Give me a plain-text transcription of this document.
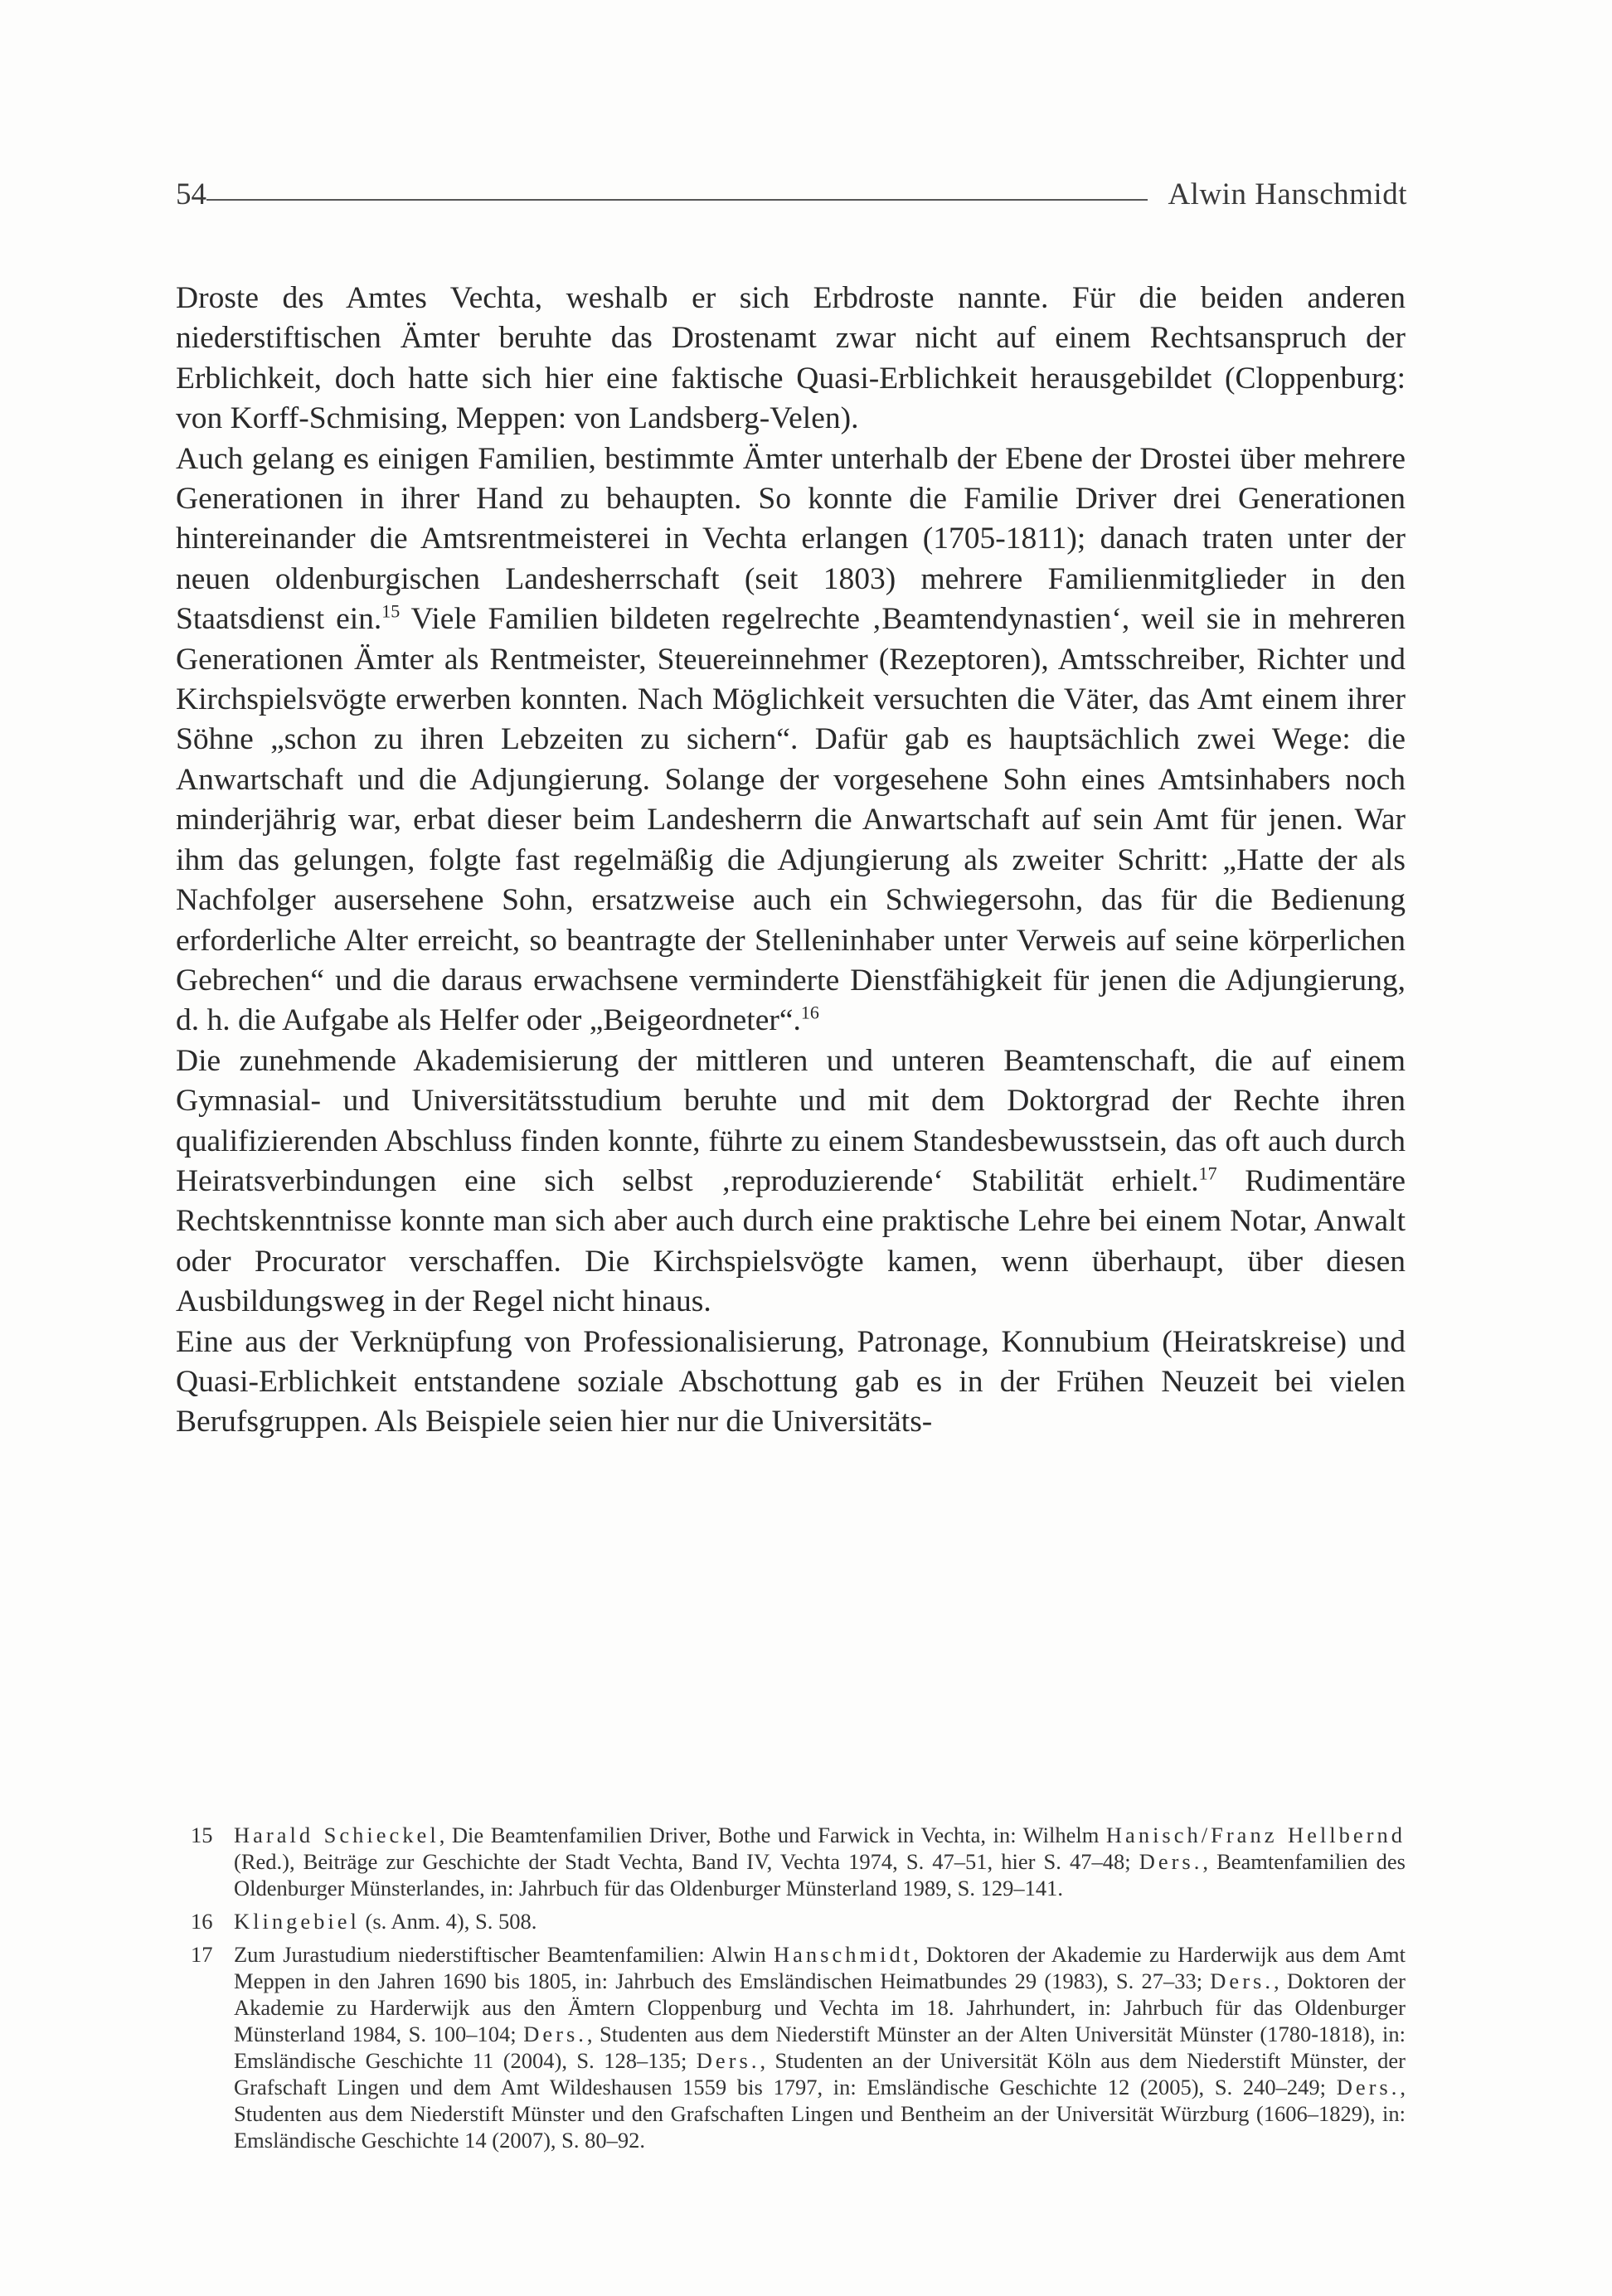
54	Alwin Hanschmidt

Droste des Amtes Vechta, weshalb er sich Erbdroste nannte. Für die beiden anderen niederstiftischen Ämter beruhte das Drostenamt zwar nicht auf einem Rechtsanspruch der Erblichkeit, doch hatte sich hier eine faktische Quasi-Erblichkeit herausgebildet (Cloppenburg: von Korff-Schmising, Meppen: von Landsberg-Velen).

Auch gelang es einigen Familien, bestimmte Ämter unterhalb der Ebene der Drostei über mehrere Generationen in ihrer Hand zu behaupten. So konnte die Familie Driver drei Generationen hintereinander die Amtsrentmeisterei in Vechta erlangen (1705-1811); danach traten unter der neuen oldenburgischen Landesherrschaft (seit 1803) mehrere Familienmitglieder in den Staatsdienst ein.$^{15}$ Viele Familien bildeten regelrechte ‚Beamtendynastien‘, weil sie in mehreren Generationen Ämter als Rentmeister, Steuereinnehmer (Rezeptoren), Amtsschreiber, Richter und Kirchspielsvögte erwerben konnten. Nach Möglichkeit versuchten die Väter, das Amt einem ihrer Söhne „schon zu ihren Lebzeiten zu sichern“. Dafür gab es hauptsächlich zwei Wege: die Anwartschaft und die Adjungierung. Solange der vorgesehene Sohn eines Amtsinhabers noch minderjährig war, erbat dieser beim Landesherrn die Anwartschaft auf sein Amt für jenen. War ihm das gelungen, folgte fast regelmäßig die Adjungierung als zweiter Schritt: „Hatte der als Nachfolger ausersehene Sohn, ersatzweise auch ein Schwiegersohn, das für die Bedienung erforderliche Alter erreicht, so beantragte der Stelleninhaber unter Verweis auf seine körperlichen Gebrechen“ und die daraus erwachsene verminderte Dienstfähigkeit für jenen die Adjungierung, d. h. die Aufgabe als Helfer oder „Beigeordneter“.$^{16}$

Die zunehmende Akademisierung der mittleren und unteren Beamtenschaft, die auf einem Gymnasial- und Universitätsstudium beruhte und mit dem Doktorgrad der Rechte ihren qualifizierenden Abschluss finden konnte, führte zu einem Standesbewusstsein, das oft auch durch Heiratsverbindungen eine sich selbst ‚reproduzierende‘ Stabilität erhielt.$^{17}$ Rudimentäre Rechtskenntnisse konnte man sich aber auch durch eine praktische Lehre bei einem Notar, Anwalt oder Procurator verschaffen. Die Kirchspielsvögte kamen, wenn überhaupt, über diesen Ausbildungsweg in der Regel nicht hinaus.

Eine aus der Verknüpfung von Professionalisierung, Patronage, Konnubium (Heiratskreise) und Quasi-Erblichkeit entstandene soziale Abschottung gab es in der Frühen Neuzeit bei vielen Berufsgruppen. Als Beispiele seien hier nur die Universitäts-

15 Harald Schieckel, Die Beamtenfamilien Driver, Bothe und Farwick in Vechta, in: Wilhelm Hanisch/Franz Hellbernd (Red.), Beiträge zur Geschichte der Stadt Vechta, Band IV, Vechta 1974, S. 47–51, hier S. 47–48; Ders., Beamtenfamilien des Oldenburger Münsterlandes, in: Jahrbuch für das Oldenburger Münsterland 1989, S. 129–141.
16 Klingebiel (s. Anm. 4), S. 508.
17 Zum Jurastudium niederstiftischer Beamtenfamilien: Alwin Hanschmidt, Doktoren der Akademie zu Harderwijk aus dem Amt Meppen in den Jahren 1690 bis 1805, in: Jahrbuch des Emsländischen Heimatbundes 29 (1983), S. 27–33; Ders., Doktoren der Akademie zu Harderwijk aus den Ämtern Cloppenburg und Vechta im 18. Jahrhundert, in: Jahrbuch für das Oldenburger Münsterland 1984, S. 100–104; Ders., Studenten aus dem Niederstift Münster an der Alten Universität Münster (1780-1818), in: Emsländische Geschichte 11 (2004), S. 128–135; Ders., Studenten an der Universität Köln aus dem Niederstift Münster, der Grafschaft Lingen und dem Amt Wildeshausen 1559 bis 1797, in: Emsländische Geschichte 12 (2005), S. 240–249; Ders., Studenten aus dem Niederstift Münster und den Grafschaften Lingen und Bentheim an der Universität Würzburg (1606–1829), in: Emsländische Geschichte 14 (2007), S. 80–92.
